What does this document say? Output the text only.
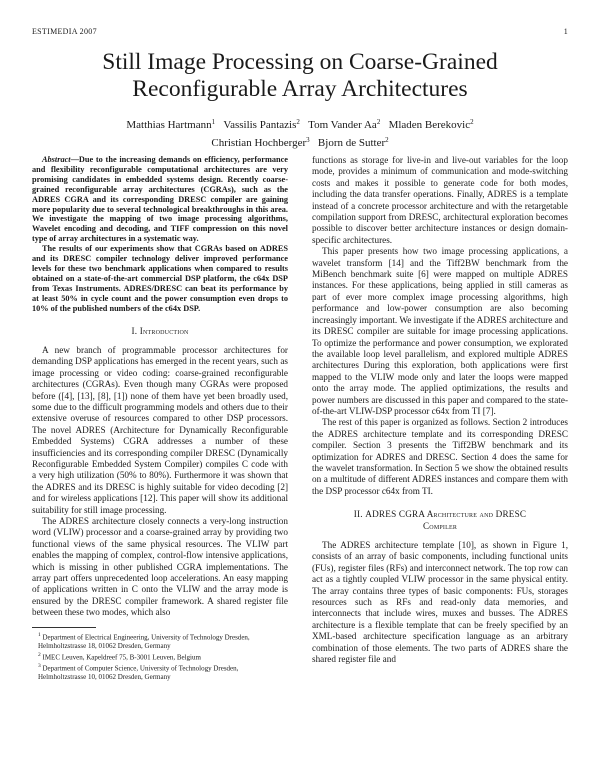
ESTIMEDIA 2007	1
Still Image Processing on Coarse-Grained
Reconfigurable Array Architectures
Matthias Hartmann$^1$ Vassilis Pantazis$^2$ Tom Vander Aa$^2$ Mladen Berekovic$^2$
Christian Hochberger$^3$ Bjorn de Sutter$^2$

Abstract—Due to the increasing demands on efficiency, performance and flexibility reconfigurable computational architectures are very promising candidates in embedded systems design. Recently coarse-grained reconfigurable array architectures (CGRAs), such as the ADRES CGRA and its corresponding DRESC compiler are gaining more popularity due to several technological breakthroughs in this area. We investigate the mapping of two image processing algorithms, Wavelet encoding and decoding, and TIFF compression on this novel type of array architectures in a systematic way.

The results of our experiments show that CGRAs based on ADRES and its DRESC compiler technology deliver improved performance levels for these two benchmark applications when compared to results obtained on a state-of-the-art commercial DSP platform, the c64x DSP from Texas Instruments. ADRES/DRESC can beat its performance by at least 50% in cycle count and the power consumption even drops to 10% of the published numbers of the c64x DSP.

I. Introduction

A new branch of programmable processor architectures for demanding DSP applications has emerged in the recent years, such as image processing or video coding: coarse-grained reconfigurable architectures (CGRAs). Even though many CGRAs were proposed before ([4], [13], [8], [1]) none of them have yet been broadly used, some due to the difficult programming models and others due to their extensive overuse of resources compared to other DSP processors. The novel ADRES (Architecture for Dynamically Reconfigurable Embedded Systems) CGRA addresses a number of these insufficiencies and its corresponding compiler DRESC (Dynamically Reconfigurable Embedded System Compiler) compiles C code with a very high utilization (50% to 80%). Furthermore it was shown that the ADRES and its DRESC is highly suitable for video decoding [2] and for wireless applications [12]. This paper will show its additional suitability for still image processing.

The ADRES architecture closely connects a very-long instruction word (VLIW) processor and a coarse-grained array by providing two functional views of the same physical resources. The VLIW part enables the mapping of complex, control-flow intensive applications, which is missing in other published CGRA implementations. The array part offers unprecedented loop accelerations. An easy mapping of applications written in C onto the VLIW and the array mode is ensured by the DRESC compiler framework. A shared register file between these two modes, which also

$^1$ Department of Electrical Engineering, University of Technology Dresden, Helmholtzstrasse 18, 01062 Dresden, Germany
$^2$ IMEC Leuven, Kapeldreef 75, B-3001 Leuven, Belgium
$^3$ Department of Computer Science, University of Technology Dresden, Helmholtzstrasse 10, 01062 Dresden, Germany

functions as storage for live-in and live-out variables for the loop mode, provides a minimum of communication and mode-switching costs and makes it possible to generate code for both modes, including the data transfer operations. Finally, ADRES is a template instead of a concrete processor architecture and with the retargetable compilation support from DRESC, architectural exploration becomes possible to discover better architecture instances or design domain-specific architectures.

This paper presents how two image processing applications, a wavelet transform [14] and the Tiff2BW benchmark from the MiBench benchmark suite [6] were mapped on multiple ADRES instances. For these applications, being applied in still cameras as part of ever more complex image processing algorithms, high performance and low-power consumption are also becoming increasingly important. We investigate if the ADRES architecture and its DRESC compiler are suitable for image processing applications. To optimize the performance and power consumption, we explorated the available loop level parallelism, and explored multiple ADRES architectures During this exploration, both applications were first mapped to the VLIW mode only and later the loops were mapped onto the array mode. The applied optimizations, the results and power numbers are discussed in this paper and compared to the state-of-the-art VLIW-DSP processor c64x from TI [7].

The rest of this paper is organized as follows. Section 2 introduces the ADRES architecture template and its corresponding DRESC compiler. Section 3 presents the Tiff2BW benchmark and its optimization for ADRES and DRESC. Section 4 does the same for the wavelet transformation. In Section 5 we show the obtained results on a multitude of different ADRES instances and compare them with the DSP processor c64x from TI.

II. ADRES CGRA Architecture and DRESC
Compiler

The ADRES architecture template [10], as shown in Figure 1, consists of an array of basic components, including functional units (FUs), register files (RFs) and interconnect network. The top row can act as a tightly coupled VLIW processor in the same physical entity. The array contains three types of basic components: FUs, storages resources such as RFs and read-only data memories, and interconnects that include wires, muxes and busses. The ADRES architecture is a flexible template that can be freely specified by an XML-based architecture specification language as an arbitrary combination of those elements. The two parts of ADRES share the shared register file and
